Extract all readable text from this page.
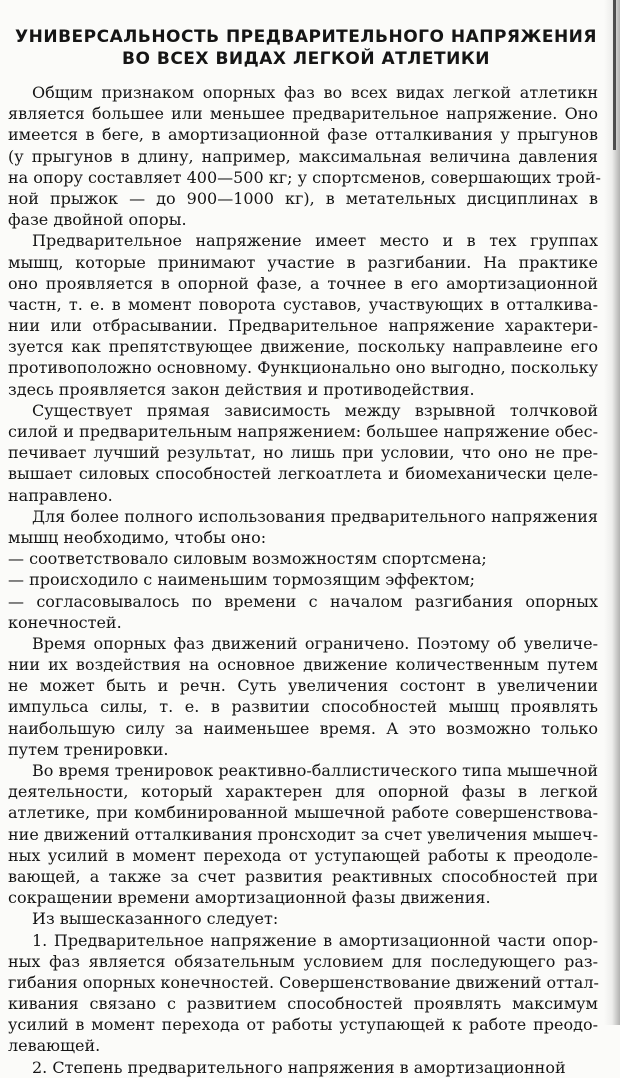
УНИВЕРСАЛЬНОСТЬ ПРЕДВАРИТЕЛЬНОГО НАПРЯЖЕНИЯ
ВО ВСЕХ ВИДАХ ЛЕГКОЙ АТЛЕТИКИ
Общим признаком опорных фаз во всех видах легкой атлетикн
является большее или меньшее предварительное напряжение. Оно
имеется в беге, в амортизационной фазе отталкивания у прыгунов
(у прыгунов в длину, например, максимальная величина давления
на опору составляет 400—500 кг; у спортсменов, совершающих трой-
ной прыжок — до 900—1000 кг), в метательных дисциплинах в
фазе двойной опоры.
Предварительное напряжение имеет место и в тех группах
мышц, которые принимают участие в разгибании. На практике
оно проявляется в опорной фазе, а точнее в его амортизационной
частн, т. е. в момент поворота суставов, участвующих в отталкива-
нии или отбрасывании. Предварительное напряжение характери-
зуется как препятствующее движение, поскольку направлеине его
противоположно основному. Функционально оно выгодно, поскольку
здесь проявляется закон действия и противодействия.
Существует прямая зависимость между взрывной толчковой
силой и предварительным напряжением: большее напряжение обес-
печивает лучший результат, но лишь при условии, что оно не пре-
вышает силовых способностей легкоатлета и биомеханически целе-
направлено.
Для более полного использования предварительного напряжения
мышц необходимо, чтобы оно:
— соответствовало силовым возможностям спортсмена;
— происходило с наименьшим тормозящим эффектом;
— согласовывалось по времени с началом разгибания опорных
конечностей.
Время опорных фаз движений ограничено. Поэтому об увеличе-
нии их воздействия на основное движение количественным путем
не может быть и речн. Суть увеличения состонт в увеличении
импульса силы, т. е. в развитии способностей мышц проявлять
наибольшую силу за наименьшее время. А это возможно только
путем тренировки.
Во время тренировок реактивно-баллистического типа мышечной
деятельности, который характерен для опорной фазы в легкой
атлетике, при комбинированной мышечной работе совершенствова-
ние движений отталкивания пронсходит за счет увеличения мышеч-
ных усилий в момент перехода от уступающей работы к преодоле-
вающей, а также за счет развития реактивных способностей при
сокращении времени амортизационной фазы движения.
Из вышесказанного следует:
1. Предварительное напряжение в амортизационной части опор-
ных фаз является обязательным условием для последующего раз-
гибания опорных конечностей. Совершенствование движений оттал-
кивания связано с развитием способностей проявлять максимум
усилий в момент перехода от работы уступающей к работе преодо-
левающей.
2. Степень предварительного напряжения в амортизационной
